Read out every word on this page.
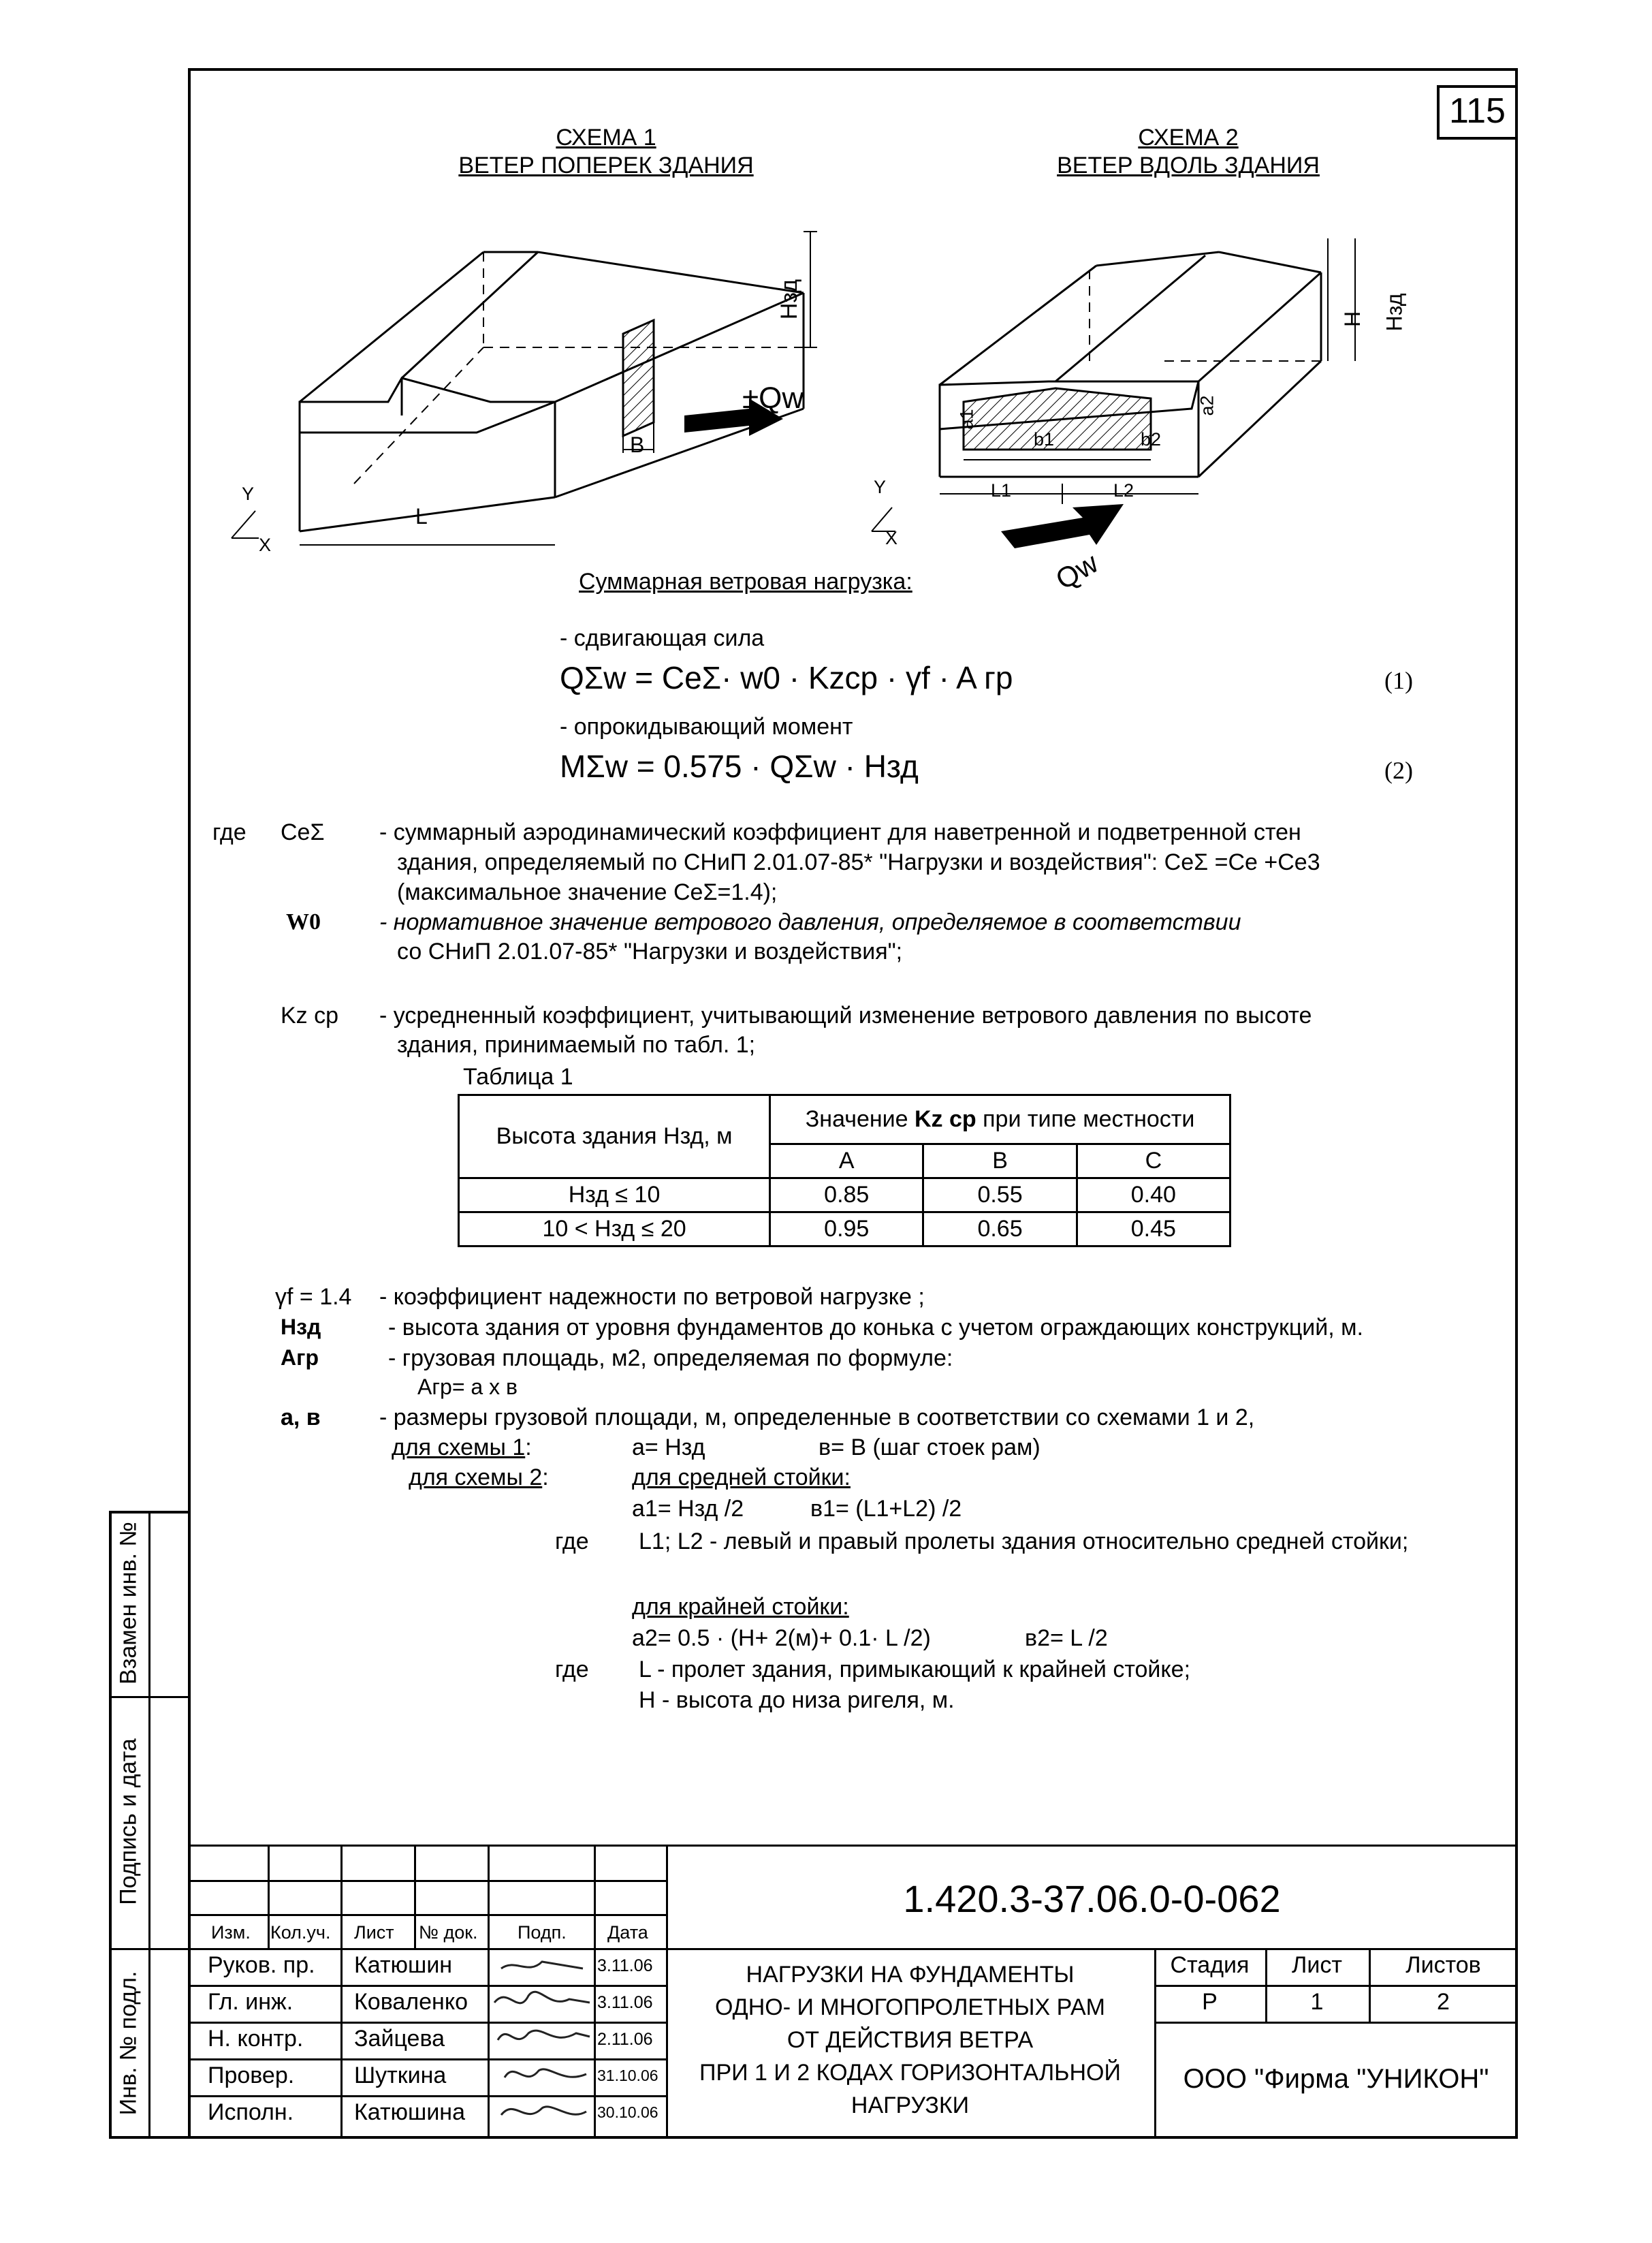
115
СХЕМА 1
ВЕТЕР ПОПЕРЕК ЗДАНИЯ
СХЕМА 2
ВЕТЕР ВДОЛЬ ЗДАНИЯ
Hзд
±Qw
B
L
Y
X
H Hзд
a1
a2
b1	b2
L1	L2
Qw
Y
X
Суммарная ветровая нагрузка:
- сдвигающая сила
QΣw = CeΣ· w0 · Kzcp · γf · A гр	(1)
- опрокидывающий момент
MΣw = 0.575 · QΣw · Hзд	(2)
где CeΣ - суммарный аэродинамический коэффициент для наветренной и подветренной стен
здания, определяемый по СНиП 2.01.07-85* "Нагрузки и воздействия": CeΣ =Ce +Ce3
(максимальное значение CeΣ=1.4);
W0	- нормативное значение ветрового давления, определяемое в соответствии
со СНиП 2.01.07-85* "Нагрузки и воздействия";
Kz cp - усредненный коэффициент, учитывающий изменение ветрового давления по высоте
здания, принимаемый по табл. 1;
Таблица 1
Высота здания Hзд, м	Значение Kz cp при типе местности		
	A	B	C
Hзд ≤ 10	0.85	0.55	0.40
10 < Hзд ≤ 20	0.95	0.65	0.45
γf = 1.4 - коэффициент надежности по ветровой нагрузке ;
Hзд	- высота здания от уровня фундаментов до конька с учетом ограждающих конструкций, м.
Aгр	- грузовая площадь, м2, определяемая по формуле:
Aгр= a x в
а, в	- размеры грузовой площади, м, определенные в соответствии со схемами 1 и 2,
для схемы 1:	a= Hзд	в= B (шаг стоек рам)
для схемы 2:	для средней стойки:
a1= Hзд /2	в1= (L1+L2) /2
где L1; L2 - левый и правый пролеты здания относительно средней стойки;
для крайней стойки:
a2= 0.5 · (H+ 2(м)+ 0.1· L /2)	в2= L /2
где L - пролет здания, примыкающий к крайней стойке;
H - высота до низа ригеля, м.
Взамен инв. №
Подпись и дата
Инв. № подл.
Изм. Кол.уч. Лист № док. Подп. Дата
Руков. пр. Катюшин	3.11.06
Гл. инж.	Коваленко	3.11.06
Н. контр. Зайцева	2.11.06
Провер.	Шуткина	31.10.06
Исполн.	Катюшина	30.10.06
1.420.3-37.06.0-0-062
НАГРУЗКИ НА ФУНДАМЕНТЫ
ОДНО- И МНОГОПРОЛЕТНЫХ РАМ
ОТ ДЕЙСТВИЯ ВЕТРА
ПРИ 1 И 2 КОДАХ ГОРИЗОНТАЛЬНОЙ
НАГРУЗКИ
Стадия	Лист	Листов
Р	1	2
ООО "Фирма "УНИКОН"
